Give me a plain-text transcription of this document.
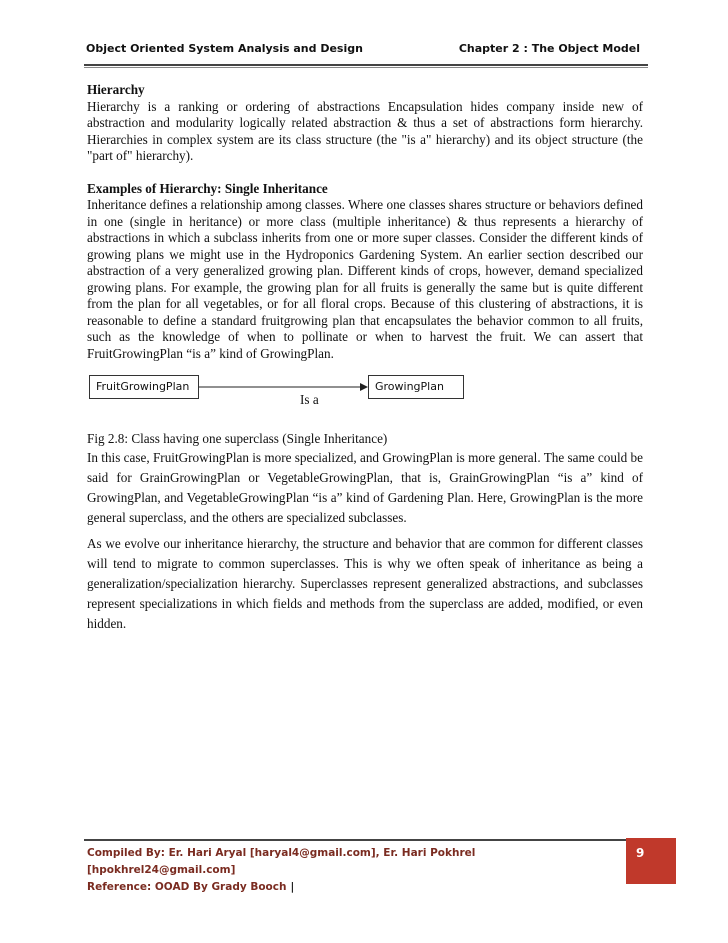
Object Oriented System Analysis and Design	Chapter 2 : The Object Model
Hierarchy

Hierarchy is a ranking or ordering of abstractions Encapsulation hides company inside new of abstraction and modularity logically related abstraction & thus a set of abstractions form hierarchy. Hierarchies in complex system are its class structure (the "is a" hierarchy) and its object structure (the "part of" hierarchy).

Examples of Hierarchy: Single Inheritance

Inheritance defines a relationship among classes. Where one classes shares structure or behaviors defined in one (single in heritance) or more class (multiple inheritance) & thus represents a hierarchy of abstractions in which a subclass inherits from one or more super classes. Consider the different kinds of growing plans we might use in the Hydroponics Gardening System. An earlier section described our abstraction of a very generalized growing plan. Different kinds of crops, however, demand specialized growing plans. For example, the growing plan for all fruits is generally the same but is quite different from the plan for all vegetables, or for all floral crops. Because of this clustering of abstractions, it is reasonable to define a standard fruitgrowing plan that encapsulates the behavior common to all fruits, such as the knowledge of when to pollinate or when to harvest the fruit. We can assert that FruitGrowingPlan “is a” kind of GrowingPlan.

FruitGrowingPlan	GrowingPlan
Is a

Fig 2.8: Class having one superclass (Single Inheritance)

In this case, FruitGrowingPlan is more specialized, and GrowingPlan is more general. The same could be said for GrainGrowingPlan or VegetableGrowingPlan, that is, GrainGrowingPlan “is a” kind of GrowingPlan, and VegetableGrowingPlan “is a” kind of Gardening Plan. Here, GrowingPlan is the more general superclass, and the others are specialized subclasses.

As we evolve our inheritance hierarchy, the structure and behavior that are common for different classes will tend to migrate to common superclasses. This is why we often speak of inheritance as being a generalization/specialization hierarchy. Superclasses represent generalized abstractions, and subclasses represent specializations in which fields and methods from the superclass are added, modified, or even hidden.

Compiled By: Er. Hari Aryal [haryal4@gmail.com], Er. Hari Pokhrel [hpokhrel24@gmail.com]
Reference: OOAD By Grady Booch |
9
